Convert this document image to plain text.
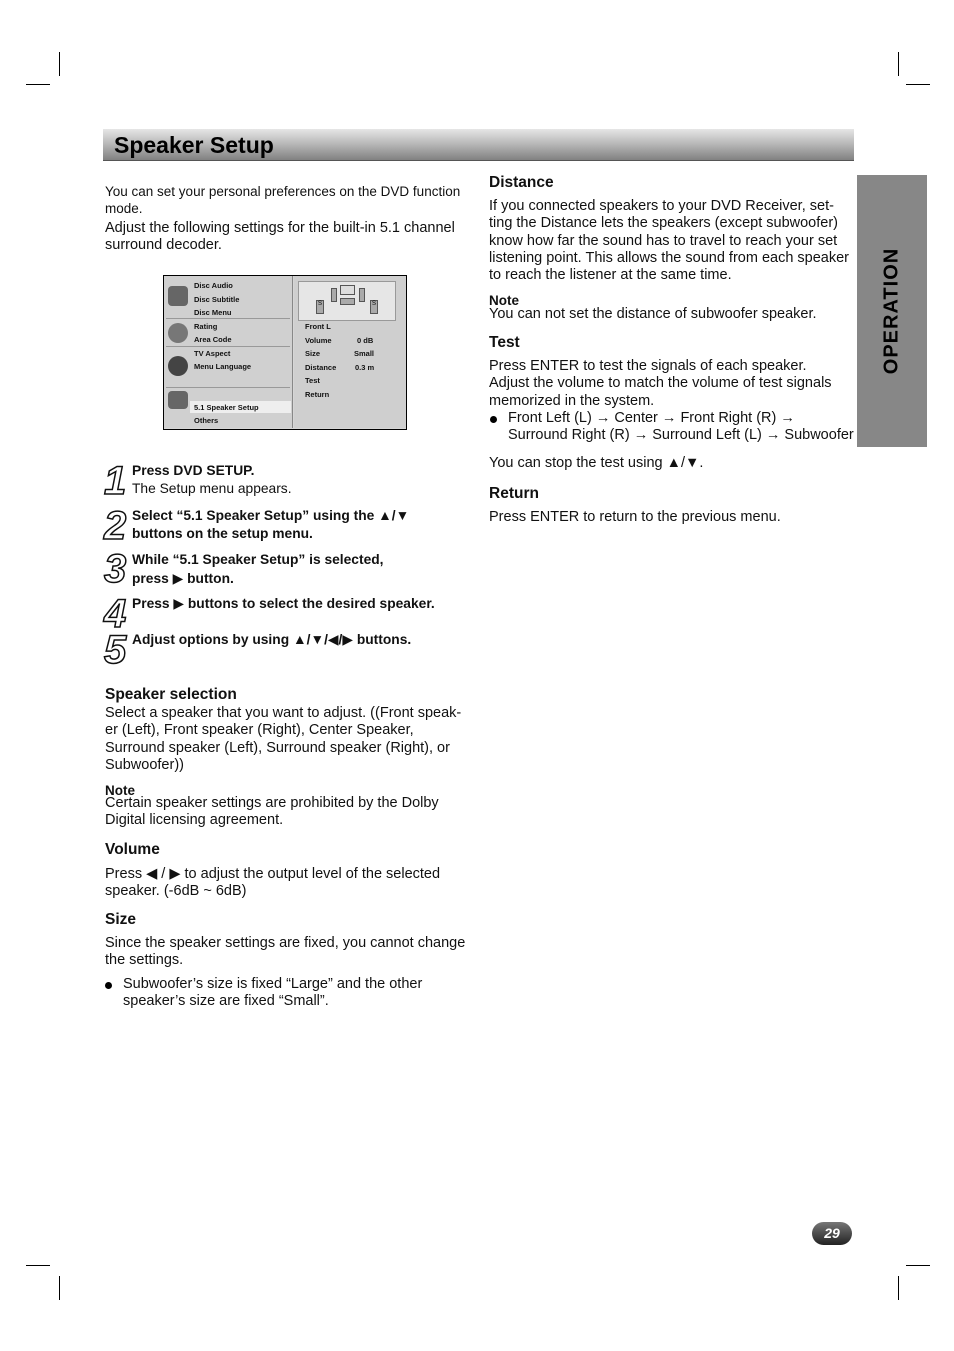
Speaker Setup
OPERATION

You can set your personal preferences on the DVD function mode.

Adjust the following settings for the built-in 5.1 channel surround decoder.

Disc Audio
Disc Subtitle
Disc Menu
Rating
Area Code
TV Aspect
Menu Language
5.1 Speaker Setup
Others
S	S
Front L
Volume	0 dB
Size	Small
Distance 0.3 m
Test
Return
1 Press DVD SETUP.
The Setup menu appears.
2 Select “5.1 Speaker Setup” using the ▲/▼
buttons on the setup menu.
3 While “5.1 Speaker Setup” is selected,
press ▶ button.
4 Press ▶ buttons to select the desired speaker.
5 Adjust options by using ▲/▼/◀/▶ buttons.
Speaker selection

Select a speaker that you want to adjust. ((Front speak-
er (Left), Front speaker (Right), Center Speaker,
Surround speaker (Left), Surround speaker (Right), or
Subwoofer))

Note

Certain speaker settings are prohibited by the Dolby
Digital licensing agreement.

Volume

Press ◀ / ▶ to adjust the output level of the selected
speaker. (-6dB ~ 6dB)

Size

Since the speaker settings are fixed, you cannot change
the settings.

Subwoofer’s size is fixed “Large” and the other
speaker’s size are fixed “Small”.
Distance

If you connected speakers to your DVD Receiver, set-
ting the Distance lets the speakers (except subwoofer)
know how far the sound has to travel to reach your set
listening point. This allows the sound from each speaker
to reach the listener at the same time.

Note

You can not set the distance of subwoofer speaker.

Test

Press ENTER to test the signals of each speaker.
Adjust the volume to match the volume of test signals
memorized in the system.

Front Left (L) → Center → Front Right (R) →
Surround Right (R) → Surround Left (L) → Subwoofer

You can stop the test using ▲/▼.

Return

Press ENTER to return to the previous menu.

29
